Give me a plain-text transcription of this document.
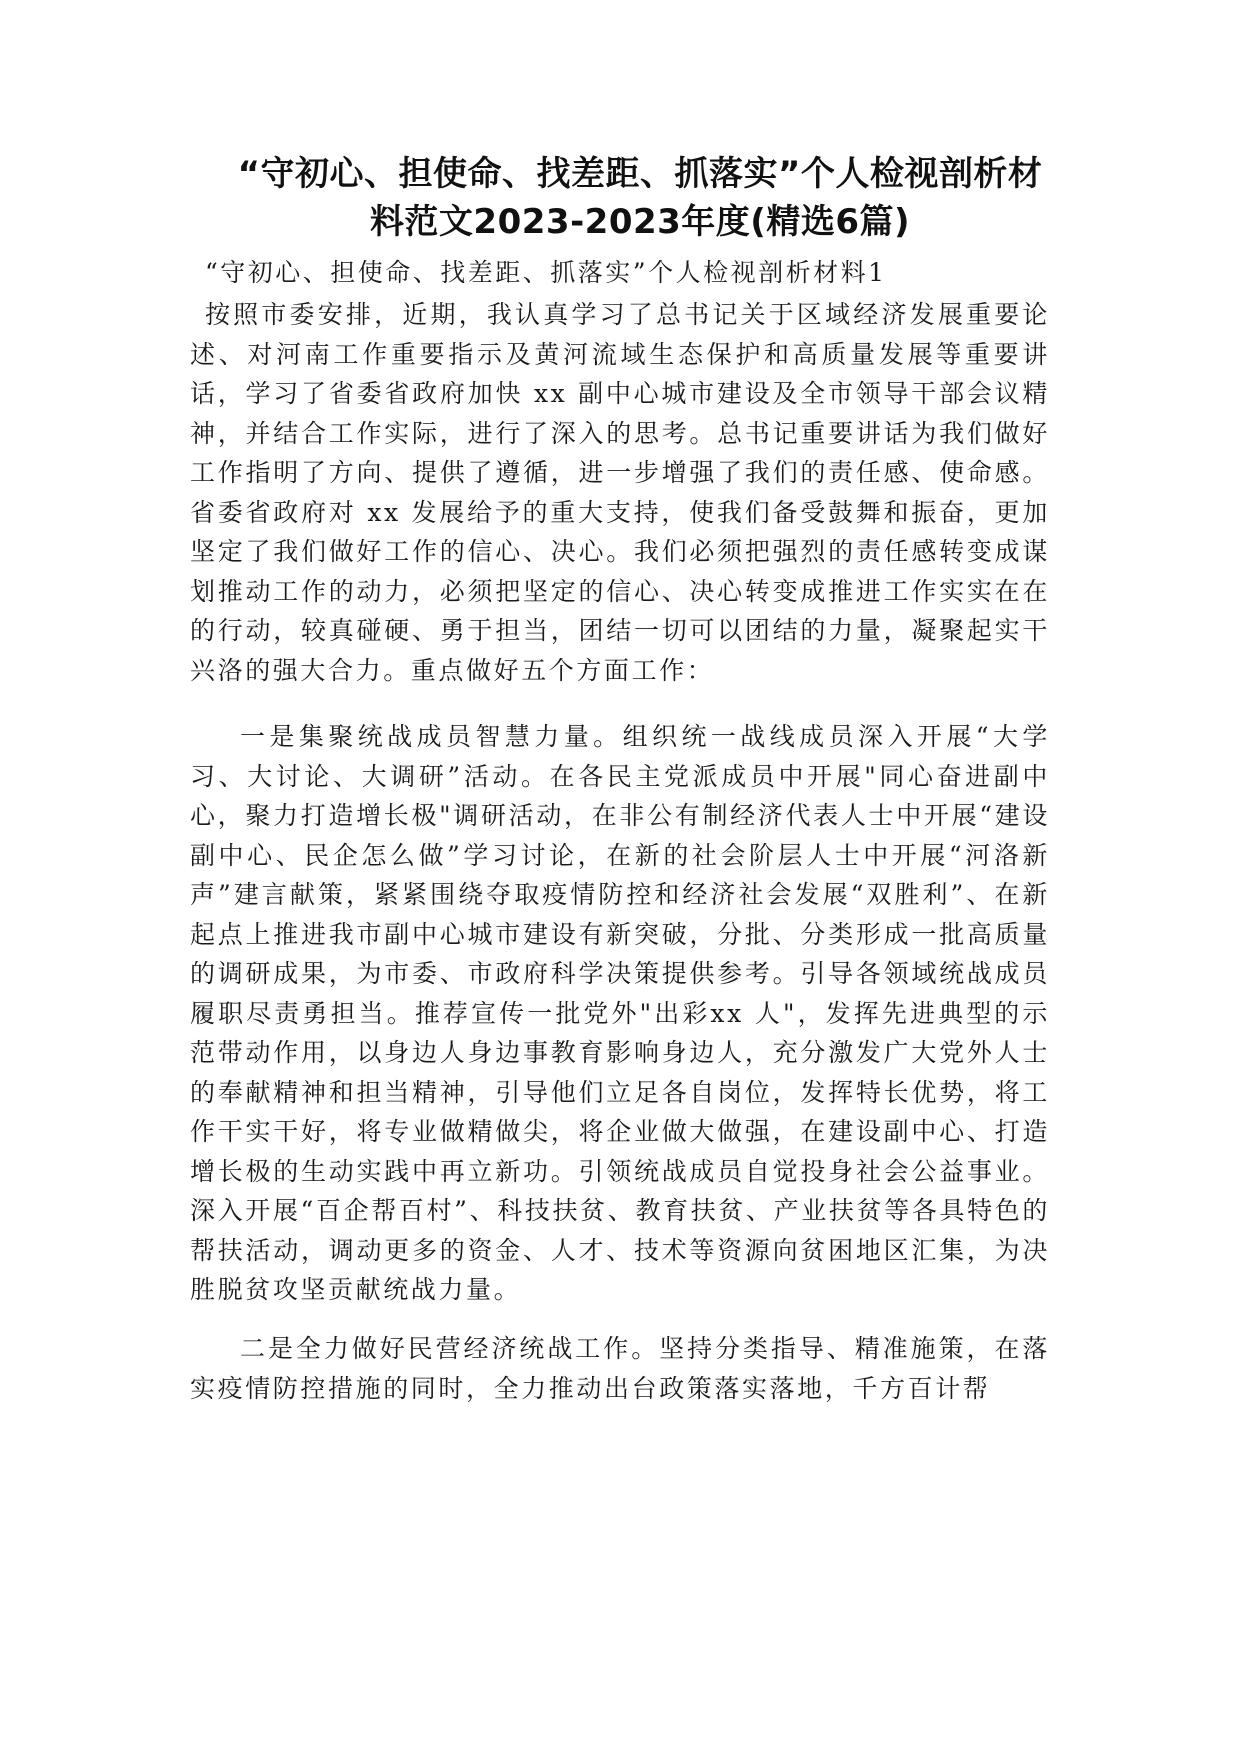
“守初心、担使命、找差距、抓落实”个人检视剖析材
料范文2023-2023年度(精选6篇)

“守初心、担使命、找差距、抓落实”个人检视剖析材料1

按照市委安排，近期，我认真学习了总书记关于区域经济发展重要论述、对河南工作重要指示及黄河流域生态保护和高质量发展等重要讲话，学习了省委省政府加快 xx 副中心城市建设及全市领导干部会议精神，并结合工作实际，进行了深入的思考。总书记重要讲话为我们做好工作指明了方向、提供了遵循，进一步增强了我们的责任感、使命感。省委省政府对 xx 发展给予的重大支持，使我们备受鼓舞和振奋，更加坚定了我们做好工作的信心、决心。我们必须把强烈的责任感转变成谋划推动工作的动力，必须把坚定的信心、决心转变成推进工作实实在在的行动，较真碰硬、勇于担当，团结一切可以团结的力量，凝聚起实干兴洛的强大合力。重点做好五个方面工作：

一是集聚统战成员智慧力量。组织统一战线成员深入开展“大学习、大讨论、大调研”活动。在各民主党派成员中开展"同心奋进副中心，聚力打造增长极"调研活动，在非公有制经济代表人士中开展“建设副中心、民企怎么做”学习讨论，在新的社会阶层人士中开展“河洛新声”建言献策，紧紧围绕夺取疫情防控和经济社会发展“双胜利”、在新起点上推进我市副中心城市建设有新突破，分批、分类形成一批高质量的调研成果，为市委、市政府科学决策提供参考。引导各领域统战成员履职尽责勇担当。推荐宣传一批党外"出彩xx 人"，发挥先进典型的示范带动作用，以身边人身边事教育影响身边人，充分激发广大党外人士的奉献精神和担当精神，引导他们立足各自岗位，发挥特长优势，将工作干实干好，将专业做精做尖，将企业做大做强，在建设副中心、打造增长极的生动实践中再立新功。引领统战成员自觉投身社会公益事业。深入开展“百企帮百村”、科技扶贫、教育扶贫、产业扶贫等各具特色的帮扶活动，调动更多的资金、人才、技术等资源向贫困地区汇集，为决胜脱贫攻坚贡献统战力量。

二是全力做好民营经济统战工作。坚持分类指导、精准施策，在落实疫情防控措施的同时，全力推动出台政策落实落地，千方百计帮
